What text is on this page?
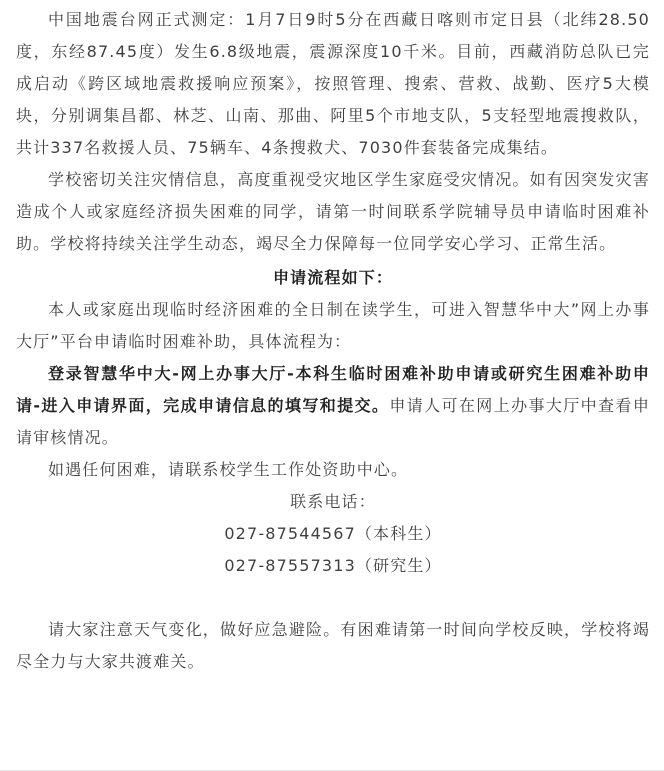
中国地震台网正式测定：1月7日9时5分在西藏日喀则市定日县（北纬28.50度，东经87.45度）发生6.8级地震，震源深度10千米。目前，西藏消防总队已完成启动《跨区域地震救援响应预案》，按照管理、搜索、营救、战勤、医疗5大模块，分别调集昌都、林芝、山南、那曲、阿里5个市地支队，5支轻型地震搜救队，共计337名救援人员、75辆车、4条搜救犬、7030件套装备完成集结。

学校密切关注灾情信息，高度重视受灾地区学生家庭受灾情况。如有因突发灾害造成个人或家庭经济损失困难的同学，请第一时间联系学院辅导员申请临时困难补助。学校将持续关注学生动态，竭尽全力保障每一位同学安心学习、正常生活。

申请流程如下：

本人或家庭出现临时经济困难的全日制在读学生，可进入智慧华中大”网上办事大厅”平台申请临时困难补助，具体流程为：

登录智慧华中大-网上办事大厅-本科生临时困难补助申请或研究生困难补助申请-进入申请界面，完成申请信息的填写和提交。申请人可在网上办事大厅中查看申请审核情况。

如遇任何困难，请联系校学生工作处资助中心。

联系电话：

027-87544567（本科生）

027-87557313（研究生）

请大家注意天气变化，做好应急避险。有困难请第一时间向学校反映，学校将竭尽全力与大家共渡难关。
